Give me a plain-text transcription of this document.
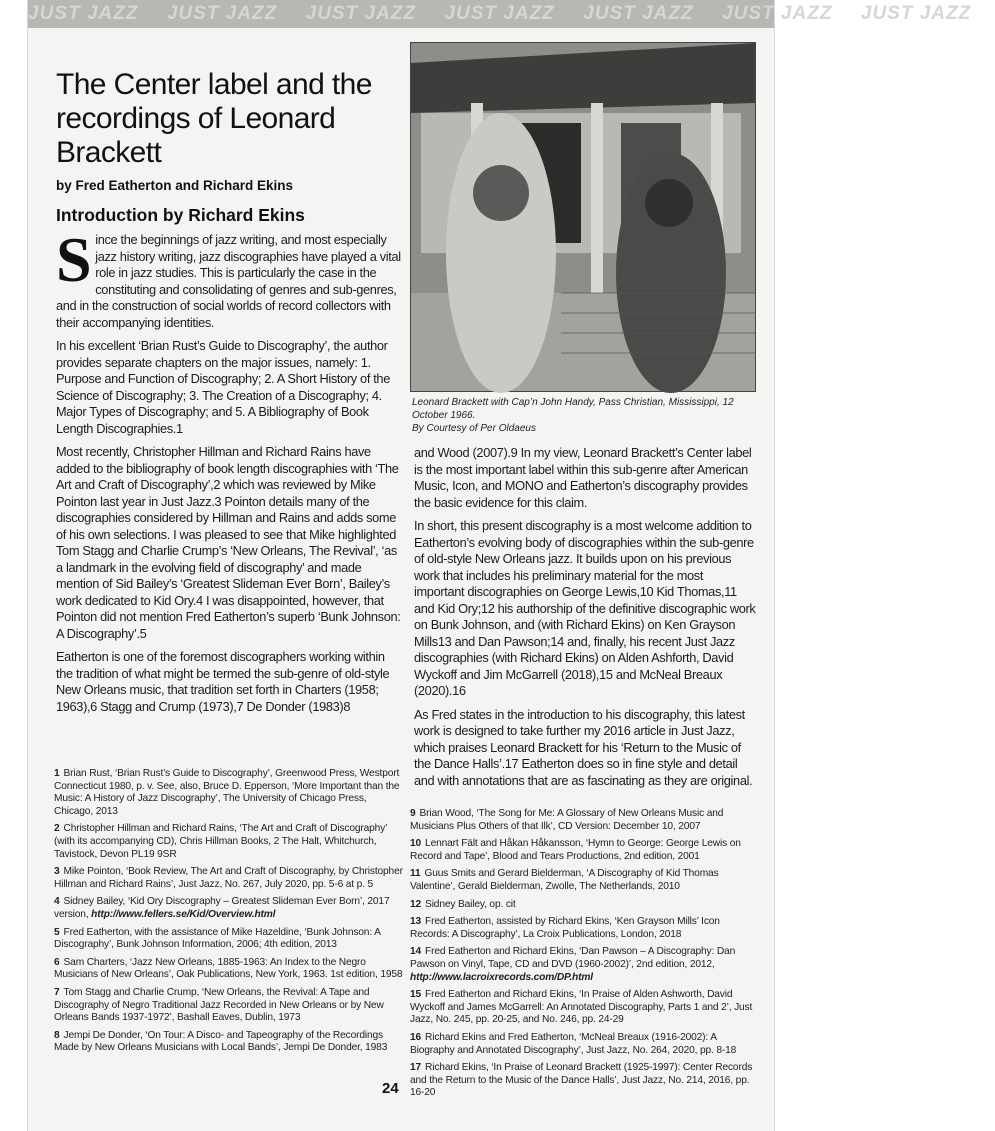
JUST JAZZ JUST JAZZ JUST JAZZ JUST JAZZ JUST JAZZ JUST JAZZ JUST JAZZ
The Center label and the
recordings of Leonard Brackett
by Fred Eatherton and Richard Ekins
Introduction by Richard Ekins

Since the beginnings of jazz writing, and most especially jazz history writing, jazz discographies have played a vital role in jazz studies. This is particularly the case in the constituting and consolidating of genres and sub-genres, and in the construction of social worlds of record collectors with their accompanying identities.

In his excellent ‘Brian Rust’s Guide to Discography’, the author provides separate chapters on the major issues, namely: 1. Purpose and Function of Discography; 2. A Short History of the Science of Discography; 3. The Creation of a Discography; 4. Major Types of Discography; and 5. A Bibliography of Book Length Discographies.1

Most recently, Christopher Hillman and Richard Rains have added to the bibliography of book length discographies with ‘The Art and Craft of Discography’,2 which was reviewed by Mike Pointon last year in Just Jazz.3 Pointon details many of the discographies considered by Hillman and Rains and adds some of his own selections. I was pleased to see that Mike highlighted Tom Stagg and Charlie Crump’s ‘New Orleans, The Revival’, ‘as a landmark in the evolving field of discography’ and made mention of Sid Bailey’s ‘Greatest Slideman Ever Born’, Bailey’s work dedicated to Kid Ory.4 I was disappointed, however, that Pointon did not mention Fred Eatherton’s superb ‘Bunk Johnson: A Discography’.5

Eatherton is one of the foremost discographers working within the tradition of what might be termed the sub-genre of old-style New Orleans music, that tradition set forth in Charters (1958; 1963),6 Stagg and Crump (1973),7 De Donder (1983)8

Leonard Brackett with Cap’n John Handy, Pass Christian, Mississippi, 12 October 1966.
By Courtesy of Per Oldaeus

and Wood (2007).9 In my view, Leonard Brackett’s Center label is the most important label within this sub-genre after American Music, Icon, and MONO and Eatherton’s discography provides the basic evidence for this claim.

In short, this present discography is a most welcome addition to Eatherton’s evolving body of discographies within the sub-genre of old-style New Orleans jazz. It builds upon on his previous work that includes his preliminary material for the most important discographies on George Lewis,10 Kid Thomas,11 and Kid Ory;12 his authorship of the definitive discographic work on Bunk Johnson, and (with Richard Ekins) on Ken Grayson Mills13 and Dan Pawson;14 and, finally, his recent Just Jazz discographies (with Richard Ekins) on Alden Ashforth, David Wyckoff and Jim McGarrell (2018),15 and McNeal Breaux (2020).16

As Fred states in the introduction to his discography, this latest work is designed to take further my 2016 article in Just Jazz, which praises Leonard Brackett for his ‘Return to the Music of the Dance Halls’.17 Eatherton does so in fine style and detail and with annotations that are as fascinating as they are original.

1 Brian Rust, ‘Brian Rust’s Guide to Discography’, Greenwood Press, Westport Connecticut 1980, p. v. See, also, Bruce D. Epperson, ‘More Important than the Music: A History of Jazz Discography’, The University of Chicago Press, Chicago, 2013
2 Christopher Hillman and Richard Rains, ‘The Art and Craft of Discography’ (with its accompanying CD), Chris Hillman Books, 2 The Halt, Whitchurch, Tavistock, Devon PL19 9SR
3 Mike Pointon, ‘Book Review, The Art and Craft of Discography, by Christopher Hillman and Richard Rains’, Just Jazz, No. 267, July 2020, pp. 5-6 at p. 5
4 Sidney Bailey, ‘Kid Ory Discography – Greatest Slideman Ever Born’, 2017 version, http://www.fellers.se/Kid/Overview.html
5 Fred Eatherton, with the assistance of Mike Hazeldine, ‘Bunk Johnson: A Discography’, Bunk Johnson Information, 2006; 4th edition, 2013
6 Sam Charters, ‘Jazz New Orleans, 1885-1963: An Index to the Negro Musicians of New Orleans’, Oak Publications, New York, 1963. 1st edition, 1958
7 Tom Stagg and Charlie Crump, ‘New Orleans, the Revival: A Tape and Discography of Negro Traditional Jazz Recorded in New Orleans or by New Orleans Bands 1937-1972’, Bashall Eaves, Dublin, 1973
8 Jempi De Donder, ‘On Tour: A Disco- and Tapeography of the Recordings Made by New Orleans Musicians with Local Bands’, Jempi De Donder, 1983
9 Brian Wood, ‘The Song for Me: A Glossary of New Orleans Music and Musicians Plus Others of that Ilk’, CD Version: December 10, 2007
10 Lennart Fält and Håkan Håkansson, ‘Hymn to George: George Lewis on Record and Tape’, Blood and Tears Productions, 2nd edition, 2001
11 Guus Smits and Gerard Bielderman, ‘A Discography of Kid Thomas Valentine’, Gerald Bielderman, Zwolle, The Netherlands, 2010
12 Sidney Bailey, op. cit
13 Fred Eatherton, assisted by Richard Ekins, ‘Ken Grayson Mills’ Icon Records: A Discography’, La Croix Publications, London, 2018
14 Fred Eatherton and Richard Ekins, ‘Dan Pawson – A Discography: Dan Pawson on Vinyl, Tape, CD and DVD (1960-2002)’, 2nd edition, 2012, http://www.lacroixrecords.com/DP.html
15 Fred Eatherton and Richard Ekins, ‘In Praise of Alden Ashworth, David Wyckoff and James McGarrell: An Annotated Discography, Parts 1 and 2’, Just Jazz, No. 245, pp. 20-25, and No. 246, pp. 24-29
16 Richard Ekins and Fred Eatherton, ‘McNeal Breaux (1916-2002): A Biography and Annotated Discography’, Just Jazz, No. 264, 2020, pp. 8-18
17 Richard Ekins, ‘In Praise of Leonard Brackett (1925-1997): Center Records and the Return to the Music of the Dance Halls’, Just Jazz, No. 214, 2016, pp. 16-20
24
